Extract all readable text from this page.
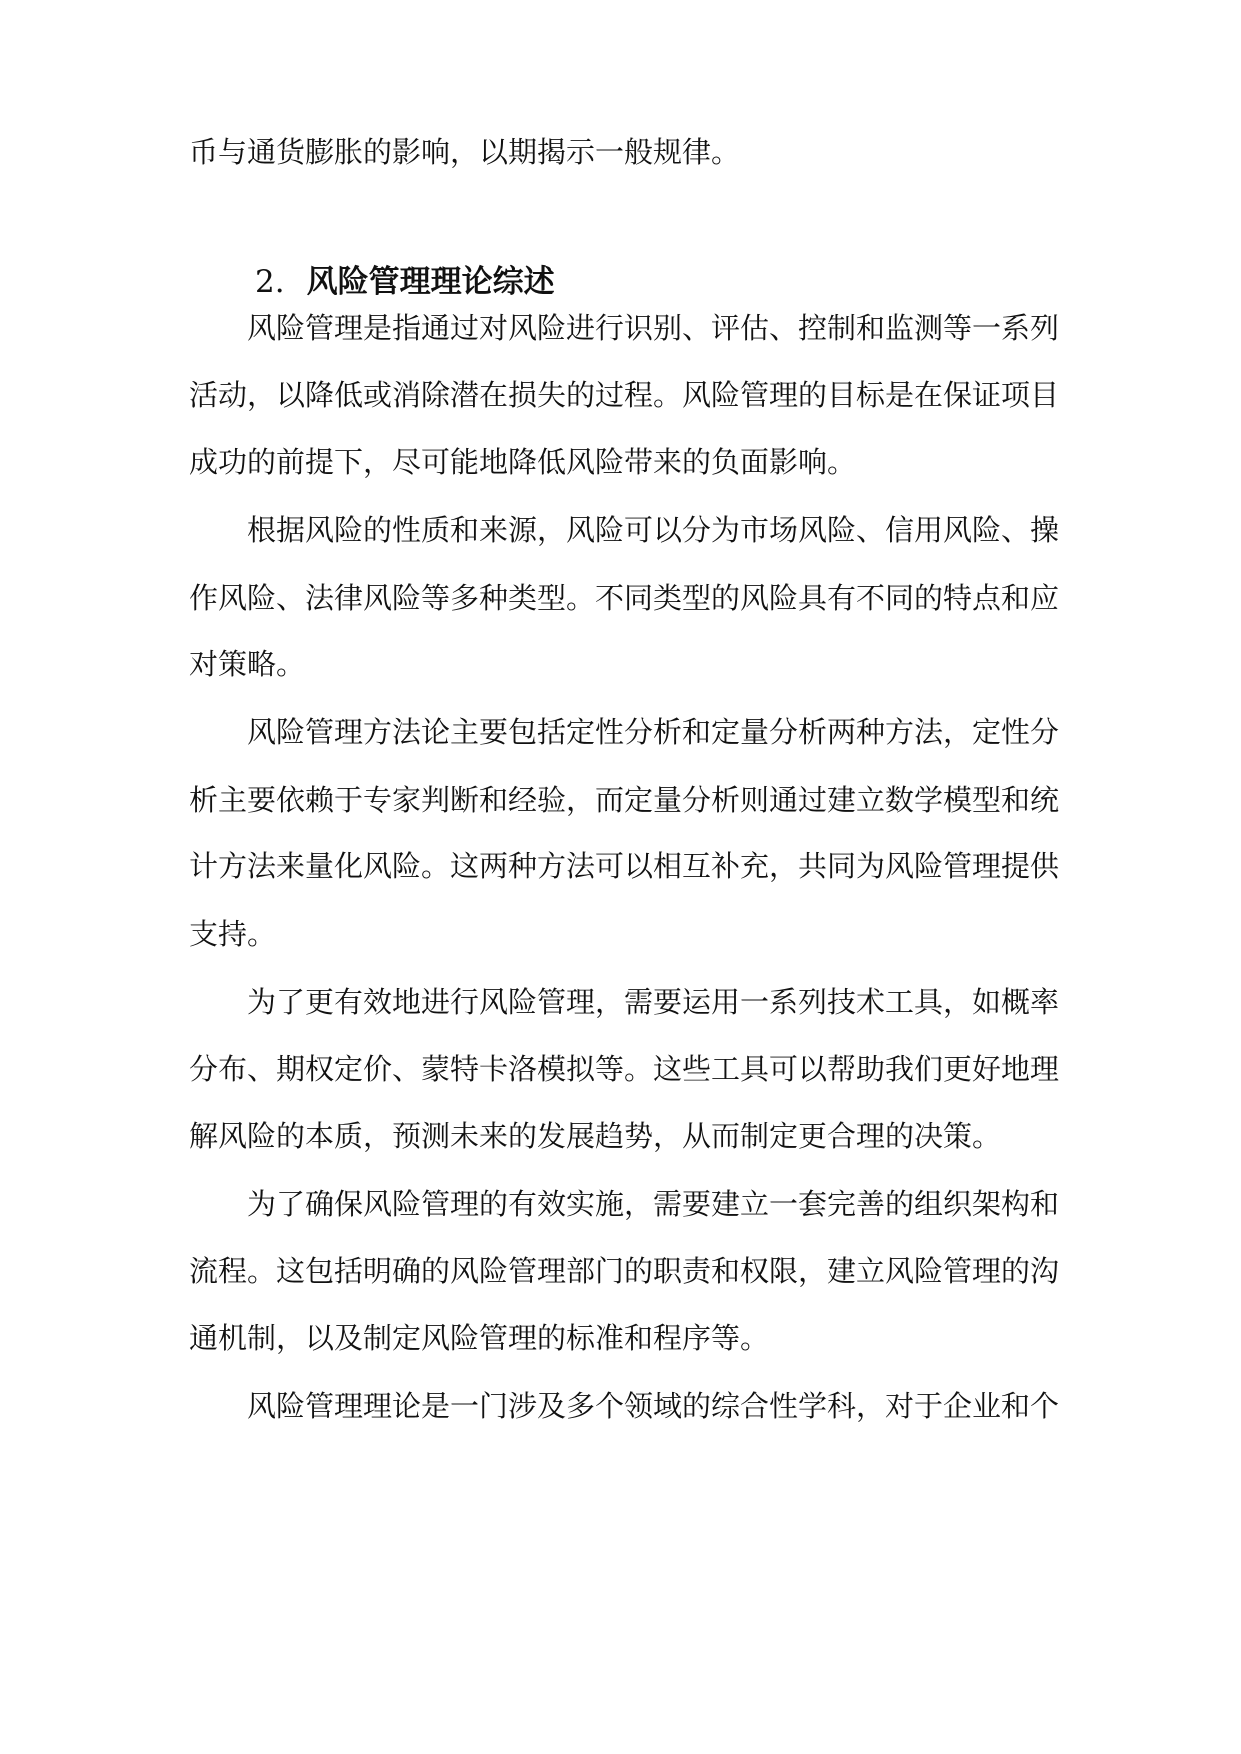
币与通货膨胀的影响，以期揭示一般规律。
2. 风险管理理论综述
风险管理是指通过对风险进行识别、评估、控制和监测等一系列
活动，以降低或消除潜在损失的过程。风险管理的目标是在保证项目
成功的前提下，尽可能地降低风险带来的负面影响。
根据风险的性质和来源，风险可以分为市场风险、信用风险、操
作风险、法律风险等多种类型。不同类型的风险具有不同的特点和应
对策略。
风险管理方法论主要包括定性分析和定量分析两种方法，定性分
析主要依赖于专家判断和经验，而定量分析则通过建立数学模型和统
计方法来量化风险。这两种方法可以相互补充，共同为风险管理提供
支持。
为了更有效地进行风险管理，需要运用一系列技术工具，如概率
分布、期权定价、蒙特卡洛模拟等。这些工具可以帮助我们更好地理
解风险的本质，预测未来的发展趋势，从而制定更合理的决策。
为了确保风险管理的有效实施，需要建立一套完善的组织架构和
流程。这包括明确的风险管理部门的职责和权限，建立风险管理的沟
通机制，以及制定风险管理的标准和程序等。
风险管理理论是一门涉及多个领域的综合性学科，对于企业和个
